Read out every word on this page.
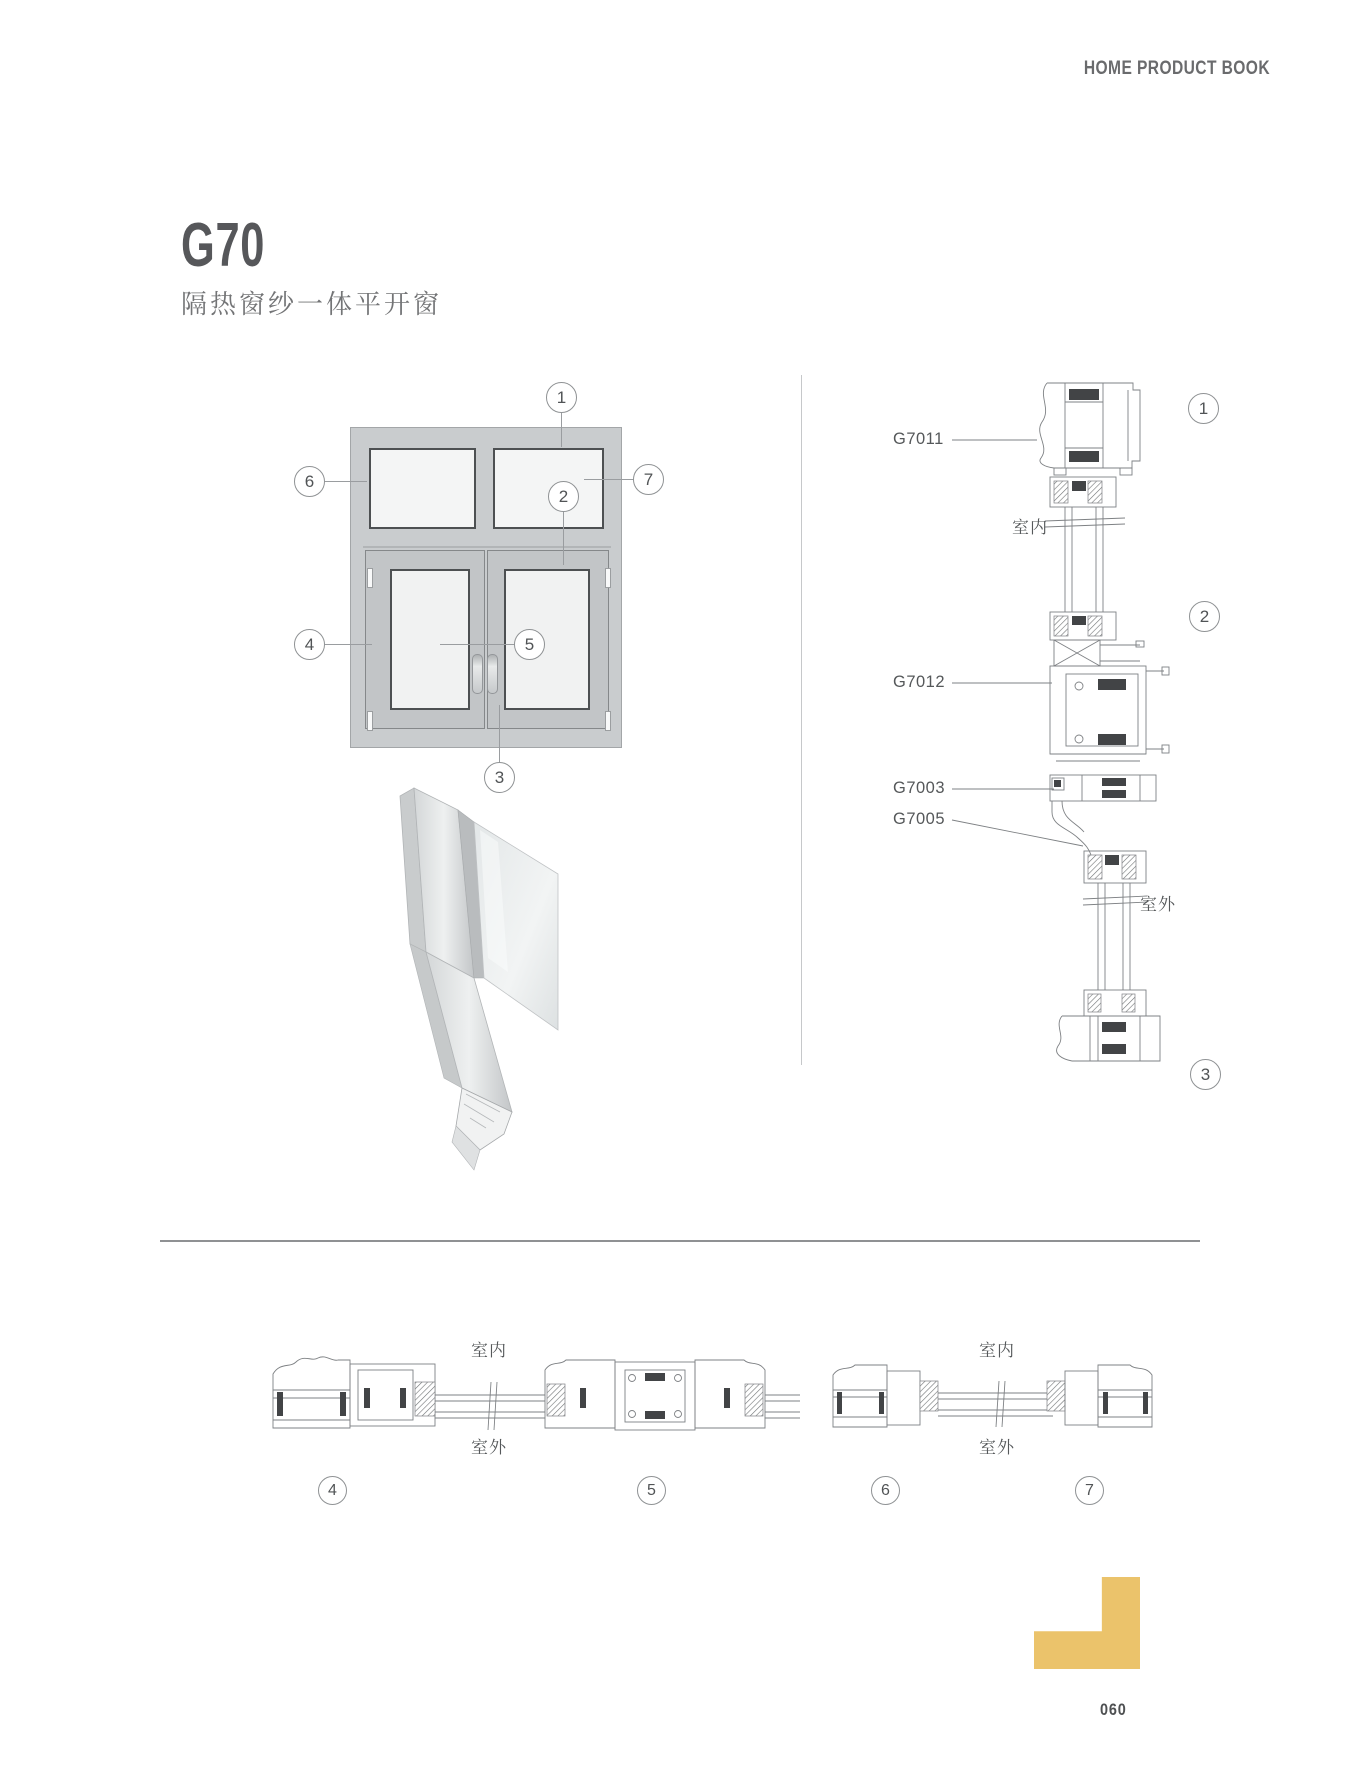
HOME PRODUCT BOOK
G70
隔热窗纱一体平开窗
1
2
3
4	5
6	7
G7011
G7012
G7003
G7005
室内
室外
1
2
3
室内
室外
室内
室外
4	5	6	7
060
